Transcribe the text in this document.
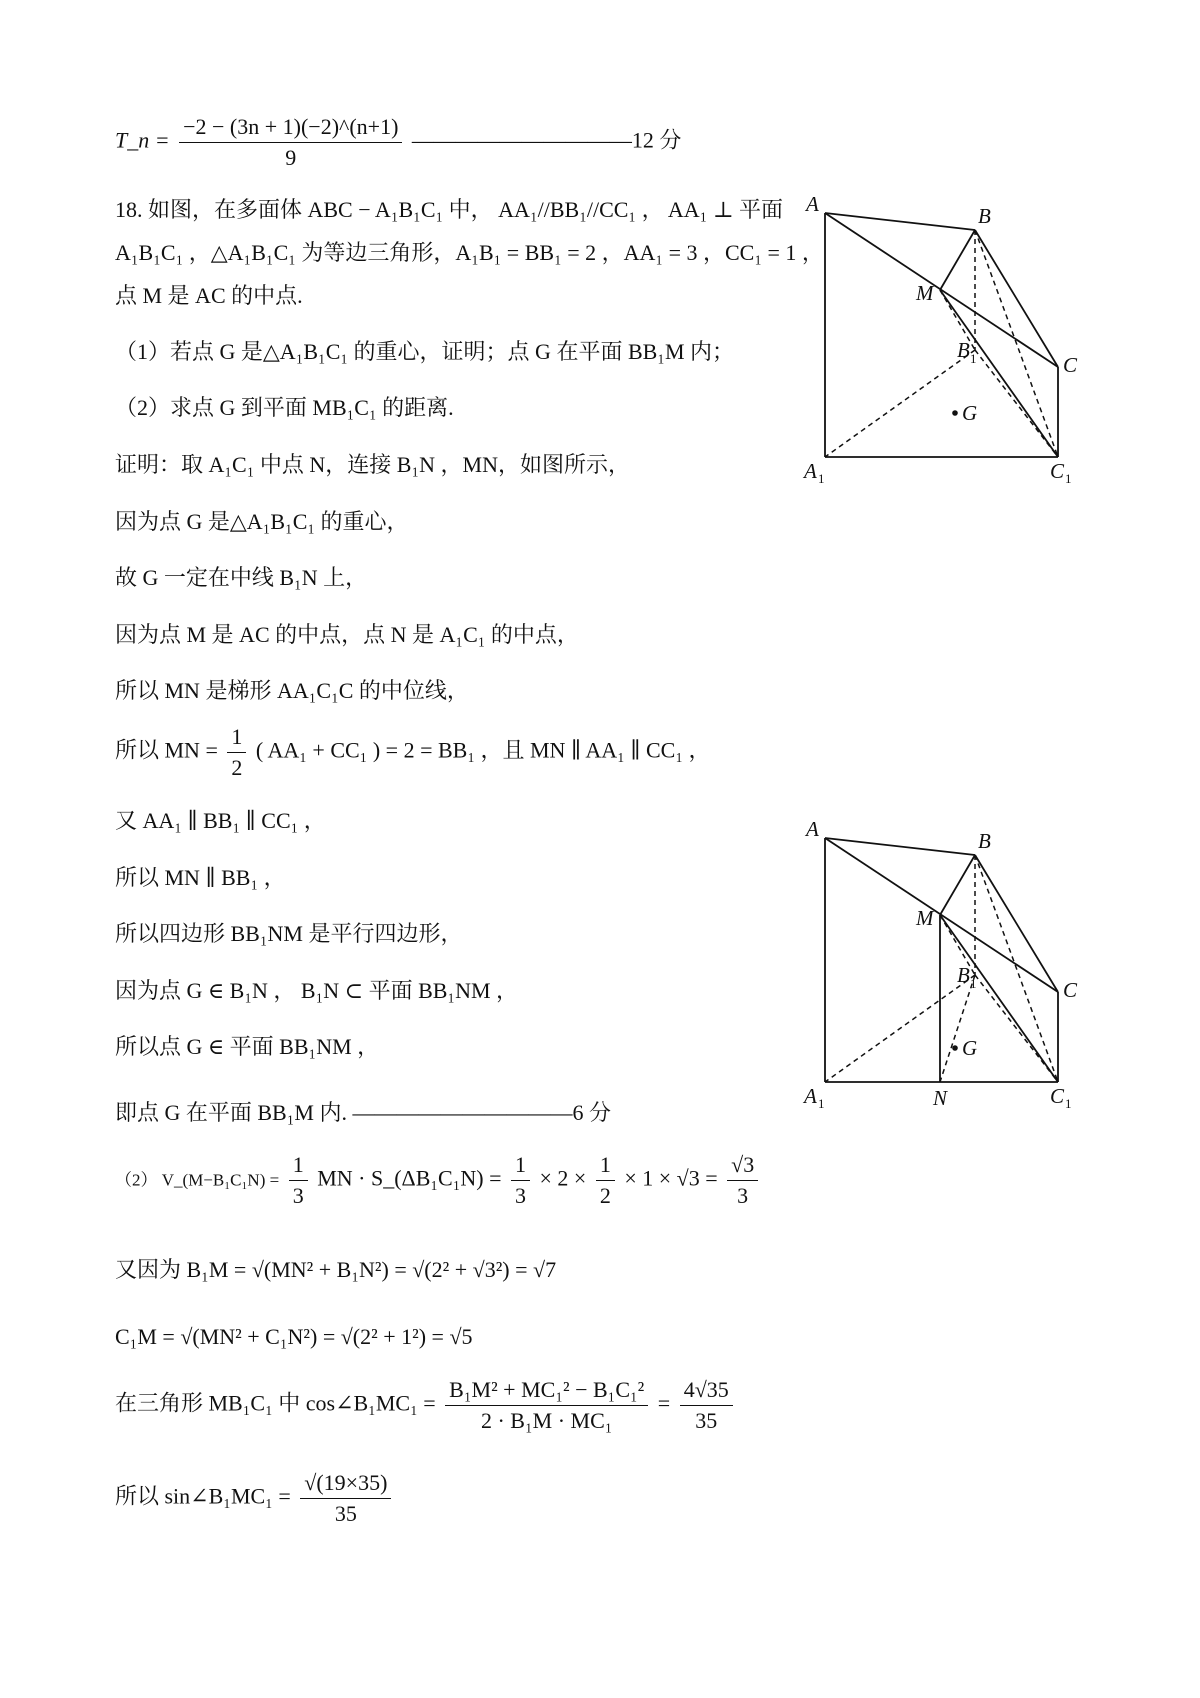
T_n = $\frac{-2 - (3n + 1)(-2)\^{}(n+1)}{9}$ ——————————12 分
18. 如图，在多面体 ABC − A₁B₁C₁ 中， AA₁//BB₁//CC₁ ， AA₁ ⊥ 平面
A₁B₁C₁ ，△A₁B₁C₁ 为等边三角形，A₁B₁ = BB₁ = 2 ，AA₁ = 3 ，CC₁ = 1 ，
点 M 是 AC 的中点.
（1）若点 G 是△A₁B₁C₁ 的重心，证明；点 G 在平面 BB₁M 内；
（2）求点 G 到平面 MB₁C₁ 的距离.
证明：取 A₁C₁ 中点 N，连接 B₁N ，MN，如图所示，
因为点 G 是△A₁B₁C₁ 的重心，
故 G 一定在中线 B₁N 上，
因为点 M 是 AC 的中点，点 N 是 A₁C₁ 的中点，
所以 MN 是梯形 AA₁C₁C 的中位线，
所以 MN = $\frac{1}{2}$ ( AA₁ + CC₁ ) = 2 = BB₁ ，且 MN ∥ AA₁ ∥ CC₁ ，
又 AA₁ ∥ BB₁ ∥ CC₁ ，
所以 MN ∥ BB₁ ，
所以四边形 BB₁NM 是平行四边形，
因为点 G ∈ B₁N ， B₁N ⊂ 平面 BB₁NM ，
所以点 G ∈ 平面 BB₁NM ，
即点 G 在平面 BB₁M 内. ——————————6 分
（2） V_(M−B₁C₁N) = $\frac{1}{3}$ MN · S_(ΔB₁C₁N) = $\frac{1}{3} \times 2 \times \frac{1}{2} \times 1 \times √3 = \frac{√3}{3}$
又因为 B₁M = √(MN² + B₁N²) = √(2² + √3²) = √7
C₁M = √(MN² + C₁N²) = √(2² + 1²) = √5
在三角形 MB₁C₁ 中 cos∠B₁MC₁ = $\frac{\text{B₁M² + MC₁² − B₁C₁²}}{\text{2 · B₁M · MC₁}} = \frac{4√35}{35}$
所以 sin∠B₁MC₁ = $\frac{√(19\times 35)}{35}$
A	B
M
B 1	C
G
A 1	C 1
A	B
M
B 1	C
G
A 1	N	C 1
